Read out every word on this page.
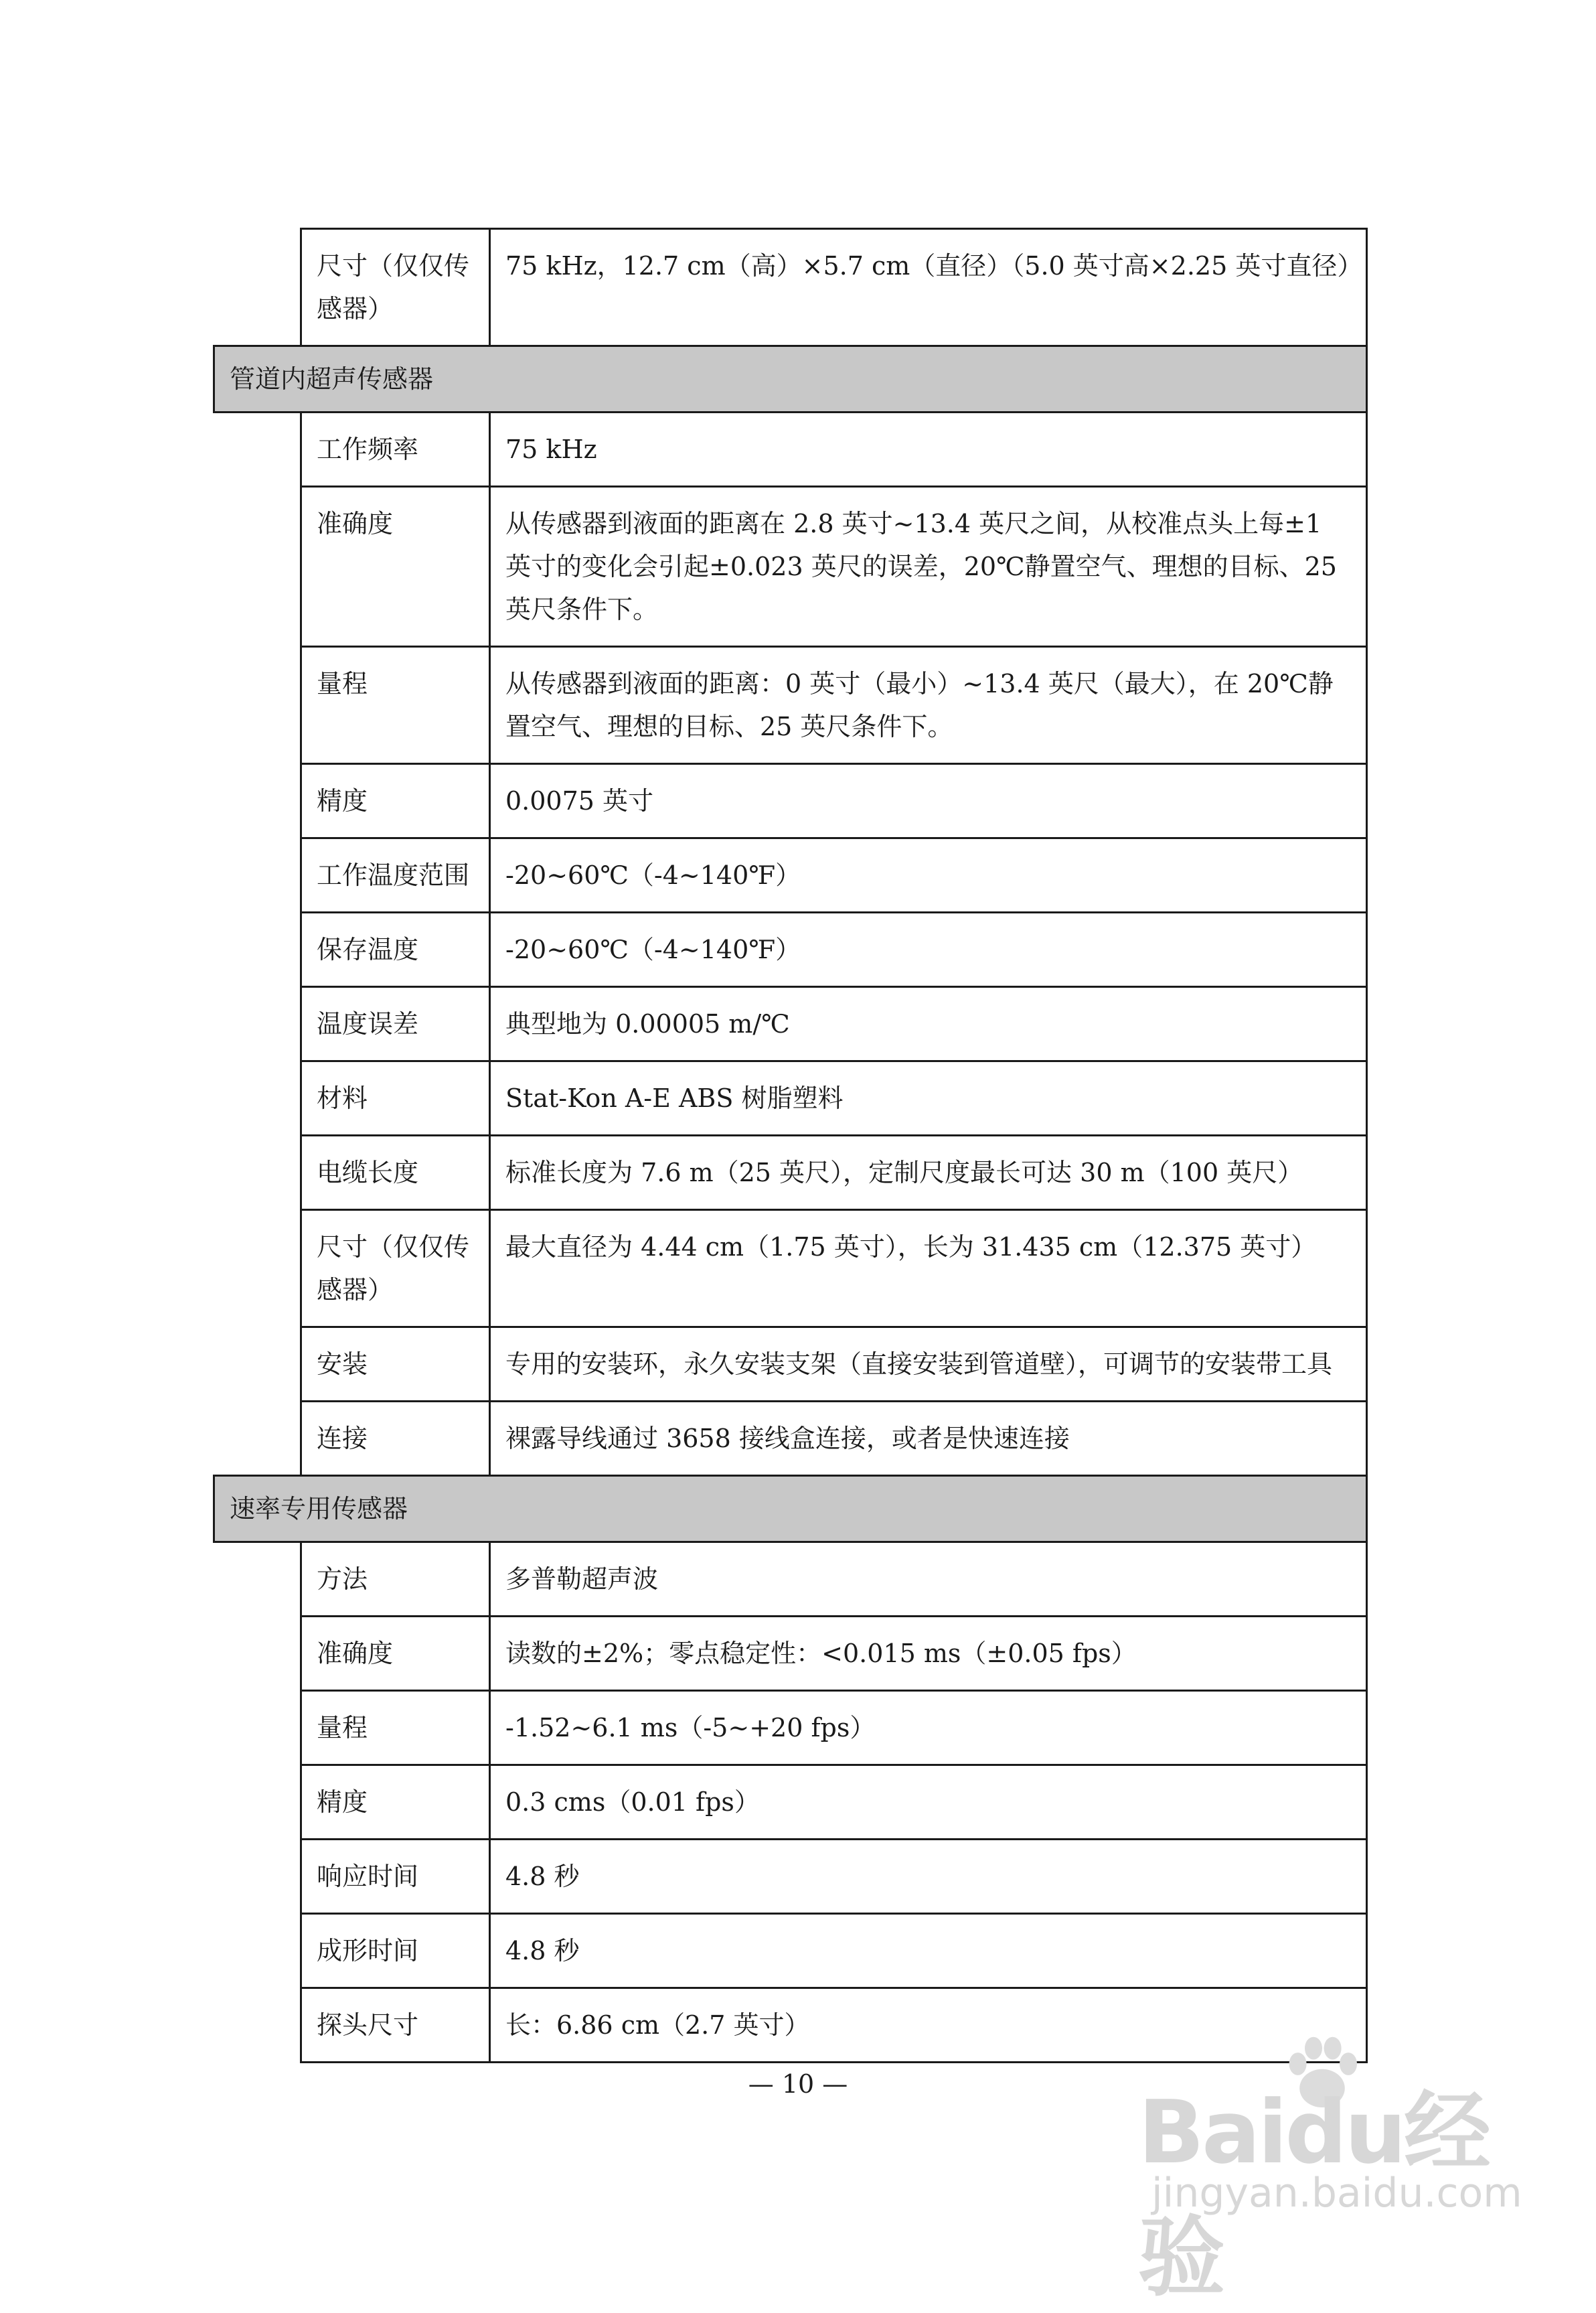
	尺寸（仅仅传感器）	75 kHz，12.7 cm（高）×5.7 cm（直径）（5.0 英寸高×2.25 英寸直径）
管道内超声传感器		
	工作频率	75 kHz
	准确度	从传感器到液面的距离在 2.8 英寸~13.4 英尺之间，从校准点头上每±1 英寸的变化会引起±0.023 英尺的误差，20℃静置空气、理想的目标、25 英尺条件下。
	量程	从传感器到液面的距离：0 英寸（最小）~13.4 英尺（最大），在 20℃静置空气、理想的目标、25 英尺条件下。
	精度	0.0075 英寸
	工作温度范围	-20~60℃（-4~140℉）
	保存温度	-20~60℃（-4~140℉）
	温度误差	典型地为 0.00005 m/℃
	材料	Stat-Kon A-E ABS 树脂塑料
	电缆长度	标准长度为 7.6 m（25 英尺），定制尺度最长可达 30 m（100 英尺）
	尺寸（仅仅传感器）	最大直径为 4.44 cm（1.75 英寸），长为 31.435 cm（12.375 英寸）
	安装	专用的安装环，永久安装支架（直接安装到管道壁），可调节的安装带工具
	连接	裸露导线通过 3658 接线盒连接，或者是快速连接
速率专用传感器		
	方法	多普勒超声波
	准确度	读数的±2%；零点稳定性：<0.015 ms（±0.05 fps）
	量程	-1.52~6.1 ms（-5~+20 fps）
	精度	0.3 cms（0.01 fps）
	响应时间	4.8 秒
	成形时间	4.8 秒
	探头尺寸	长：6.86 cm（2.7 英寸）
— 10 —	Baidu经验
jingyan.baidu.com
